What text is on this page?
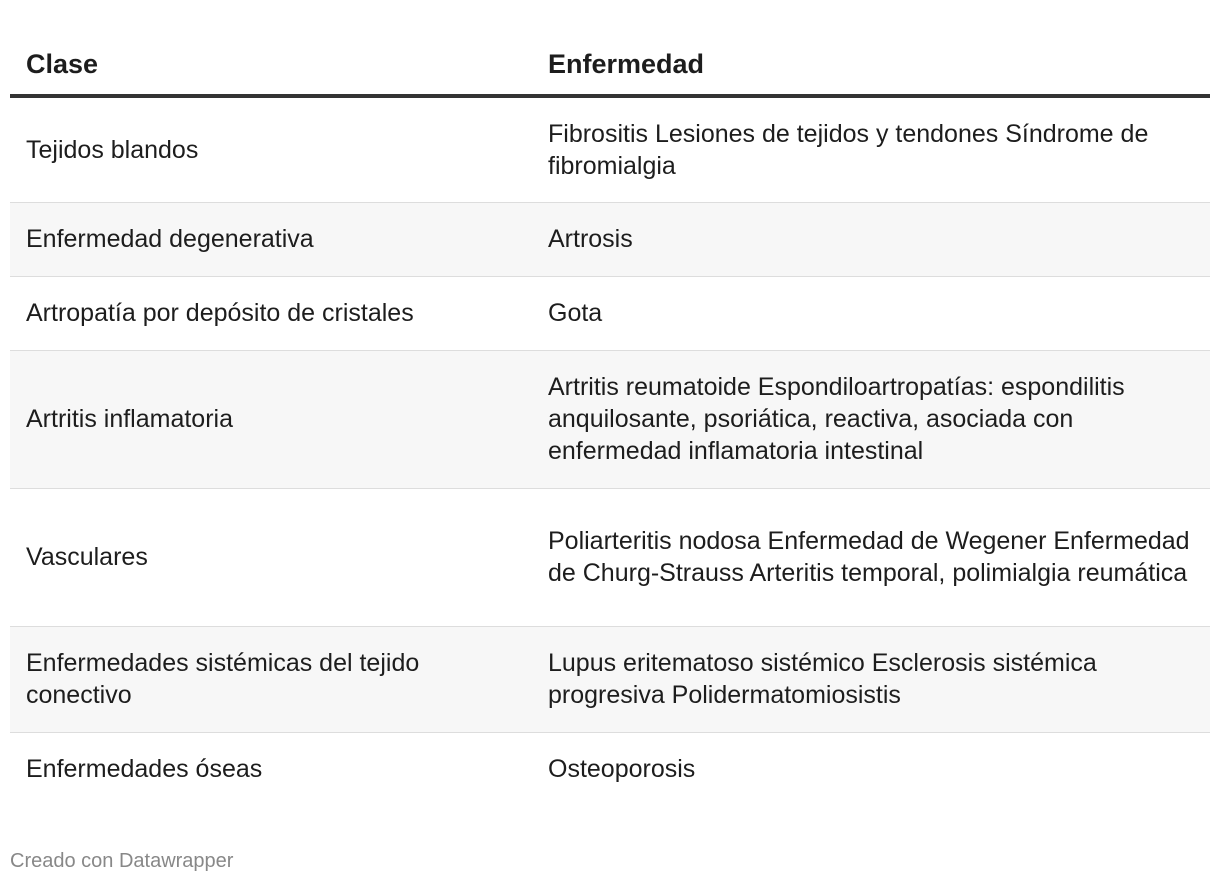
Clase	Enfermedad
Tejidos blandos	Fibrositis Lesiones de tejidos y tendones Síndrome de fibromialgia
Enfermedad degenerativa	Artrosis
Artropatía por depósito de cristales	Gota
Artritis inflamatoria	Artritis reumatoide Espondiloartropatías: espondilitis anquilosante, psoriática, reactiva, asociada con enfermedad inflamatoria intestinal
Vasculares	Poliarteritis nodosa Enfermedad de Wegener Enfermedad de Churg-Strauss Arteritis temporal, polimialgia reumática
Enfermedades sistémicas del tejido conectivo	Lupus eritematoso sistémico Esclerosis sistémica progresiva Polidermatomiosistis
Enfermedades óseas	Osteoporosis
Creado con Datawrapper
